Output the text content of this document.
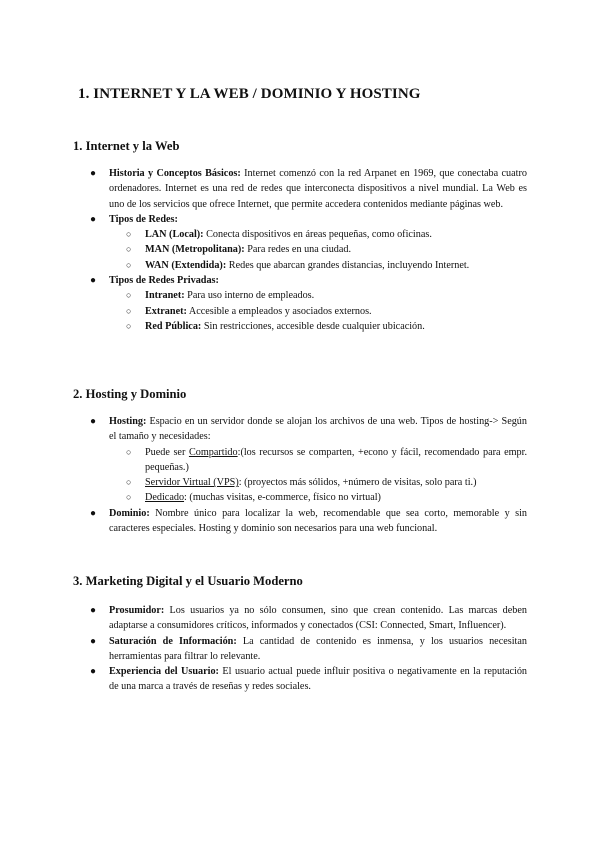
1. INTERNET Y LA WEB / DOMINIO Y HOSTING
1. Internet y la Web
● Historia y Conceptos Básicos: Internet comenzó con la red Arpanet en 1969, que conectaba cuatro ordenadores. Internet es una red de redes que interconecta dispositivos a nivel mundial. La Web es uno de los servicios que ofrece Internet, que permite accedera contenidos mediante páginas web.
● Tipos de Redes:
○ LAN (Local): Conecta dispositivos en áreas pequeñas, como oficinas.
○ MAN (Metropolitana): Para redes en una ciudad.
○ WAN (Extendida): Redes que abarcan grandes distancias, incluyendo Internet.
● Tipos de Redes Privadas:
○ Intranet: Para uso interno de empleados.
○ Extranet: Accesible a empleados y asociados externos.
○ Red Pública: Sin restricciones, accesible desde cualquier ubicación.
2. Hosting y Dominio
● Hosting: Espacio en un servidor donde se alojan los archivos de una web. Tipos de hosting-> Según el tamaño y necesidades:
○ Puede ser Compartido:(los recursos se comparten, +econo y fácil, recomendado para empr. pequeñas.)
○ Servidor Virtual (VPS): (proyectos más sólidos, +número de visitas, solo para ti.)
○ Dedicado: (muchas visitas, e-commerce, físico no virtual)
● Dominio: Nombre único para localizar la web, recomendable que sea corto, memorable y sin caracteres especiales. Hosting y dominio son necesarios para una web funcional.
3. Marketing Digital y el Usuario Moderno
● Prosumidor: Los usuarios ya no sólo consumen, sino que crean contenido. Las marcas deben adaptarse a consumidores críticos, informados y conectados (CSI: Connected, Smart, Influencer).
● Saturación de Información: La cantidad de contenido es inmensa, y los usuarios necesitan herramientas para filtrar lo relevante.
● Experiencia del Usuario: El usuario actual puede influir positiva o negativamente en la reputación de una marca a través de reseñas y redes sociales.
